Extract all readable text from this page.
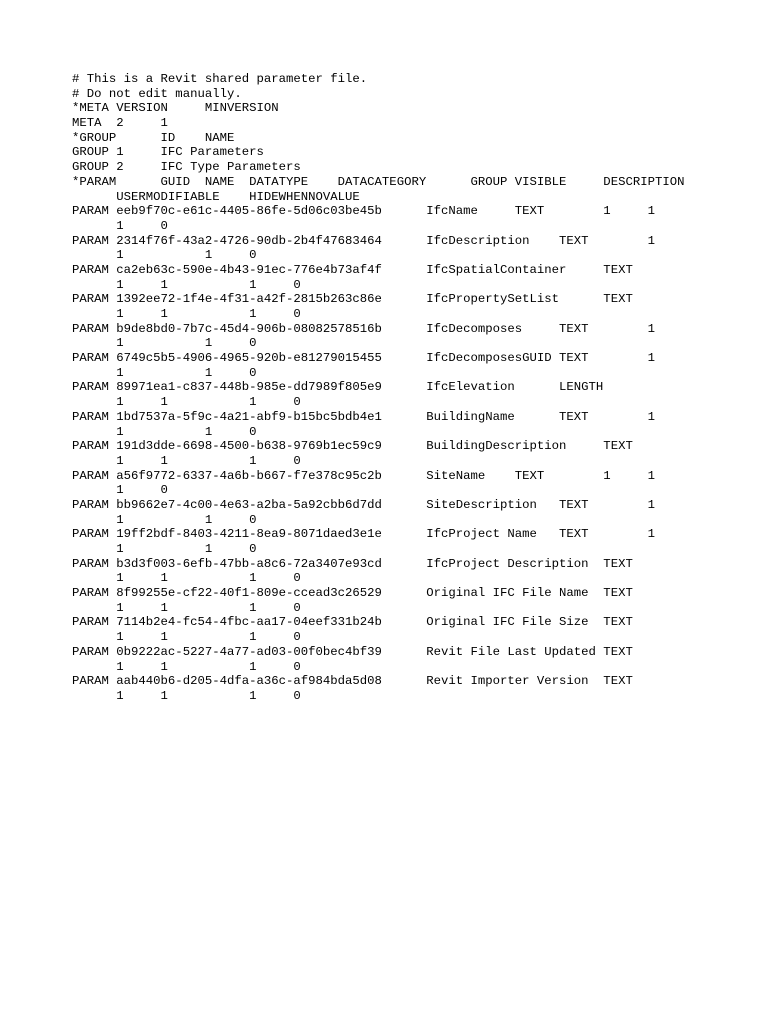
# This is a Revit shared parameter file.
# Do not edit manually.
*META VERSION     MINVERSION
META  2     1
*GROUP      ID    NAME
GROUP 1     IFC Parameters
GROUP 2     IFC Type Parameters
*PARAM      GUID  NAME  DATATYPE    DATACATEGORY      GROUP VISIBLE     DESCRIPTION
USERMODIFIABLE    HIDEWHENNOVALUE
PARAM eeb9f70c-e61c-4405-86fe-5d06c03be45b      IfcName     TEXT        1     1
1     0
PARAM 2314f76f-43a2-4726-90db-2b4f47683464      IfcDescription    TEXT        1
1           1     0
PARAM ca2eb63c-590e-4b43-91ec-776e4b73af4f      IfcSpatialContainer     TEXT
1     1           1     0
PARAM 1392ee72-1f4e-4f31-a42f-2815b263c86e      IfcPropertySetList      TEXT
1     1           1     0
PARAM b9de8bd0-7b7c-45d4-906b-08082578516b      IfcDecomposes     TEXT        1
1           1     0
PARAM 6749c5b5-4906-4965-920b-e81279015455      IfcDecomposesGUID TEXT        1
1           1     0
PARAM 89971ea1-c837-448b-985e-dd7989f805e9      IfcElevation      LENGTH
1     1           1     0
PARAM 1bd7537a-5f9c-4a21-abf9-b15bc5bdb4e1      BuildingName      TEXT        1
1           1     0
PARAM 191d3dde-6698-4500-b638-9769b1ec59c9      BuildingDescription     TEXT
1     1           1     0
PARAM a56f9772-6337-4a6b-b667-f7e378c95c2b      SiteName    TEXT        1     1
1     0
PARAM bb9662e7-4c00-4e63-a2ba-5a92cbb6d7dd      SiteDescription   TEXT        1
1           1     0
PARAM 19ff2bdf-8403-4211-8ea9-8071daed3e1e      IfcProject Name   TEXT        1
1           1     0
PARAM b3d3f003-6efb-47bb-a8c6-72a3407e93cd      IfcProject Description  TEXT
1     1           1     0
PARAM 8f99255e-cf22-40f1-809e-ccead3c26529      Original IFC File Name  TEXT
1     1           1     0
PARAM 7114b2e4-fc54-4fbc-aa17-04eef331b24b      Original IFC File Size  TEXT
1     1           1     0
PARAM 0b9222ac-5227-4a77-ad03-00f0bec4bf39      Revit File Last Updated TEXT
1     1           1     0
PARAM aab440b6-d205-4dfa-a36c-af984bda5d08      Revit Importer Version  TEXT
1     1           1     0
